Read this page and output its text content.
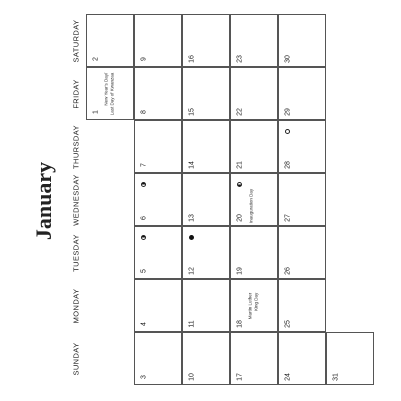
January
SUNDAY
MONDAY
TUESDAY
WEDNESDAY
THURSDAY
FRIDAY
SATURDAY
1
New Year's Day/
Last Day of Kwanzaa
2
3
4
5
6
7
8
9
10
11
12
13
14
15
16
17
18
Martin Luther
King Day
19
20 Inauguration Day
21
22
23
24
25
26
27
28
29
30
31
